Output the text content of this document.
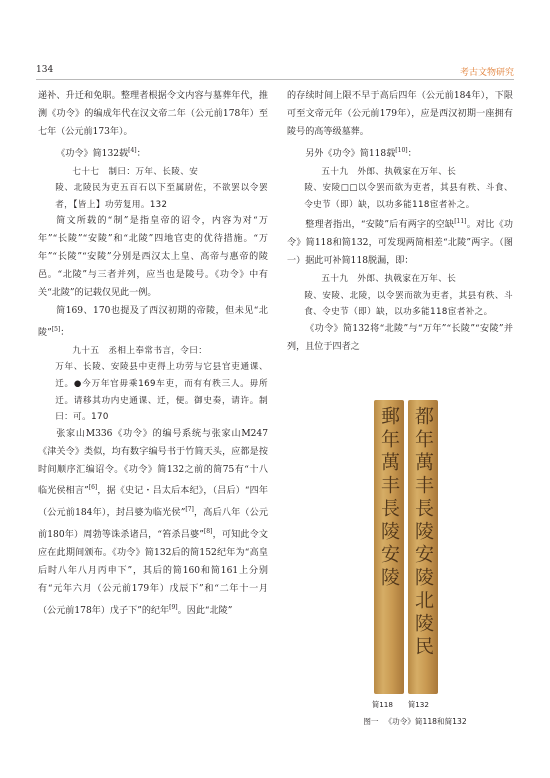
134	考古文物研究

递补、升迁和免职。整理者根据令文内容与墓葬年代，推测《功令》的编成年代在汉文帝二年（公元前178年）至七年（公元前173年）。

《功令》简132载[4]：

七十七　制曰：万年、长陵、安
陵、北陵民为吏五百石以下至属尉佐，不欲罢以令罢者，【皆上】功劳复用。132

简文所载的“制”是指皇帝的诏令，内容为对“万年”“长陵”“安陵”和“北陵”四地官吏的优待措施。“万年”“长陵”“安陵”分别是西汉太上皇、高帝与惠帝的陵邑。“北陵”与三者并列，应当也是陵号。《功令》中有关“北陵”的记载仅见此一例。

简169、170也提及了西汉初期的帝陵，但未见“北陵”[5]：

九十五　丞相上奉常书言，令曰：
万年、长陵、安陵县中吏得上功劳与它县官吏通课、迁。●今万年官毋乘169车吏，而有有秩三人。毋所迁。请移其功内史通课、迁，便。御史奏，请许。制曰：可。170

张家山M336《功令》的编号系统与张家山M247《津关令》类似，均有数字编号书于竹简天头，应都是按时间顺序汇编诏令。《功令》简132之前的简75有“十八　临光侯相言”[6]，据《史记・吕太后本纪》，（吕后）“四年（公元前184年），封吕婆为临光侯”[7]，高后八年（公元前180年）周勃等诛杀诸吕，“笞杀吕婆”[8]，可知此令文应在此期间颁布。《功令》简132后的简152纪年为“高皇后时八年八月丙申下”，其后的简160和简161上分别有“元年六月（公元前179年）戊辰下”和“二年十一月（公元前178年）戊子下”的纪年[9]。因此“北陵”

的存续时间上限不早于高后四年（公元前184年），下限可至文帝元年（公元前179年），应是西汉初期一座拥有陵号的高等级墓葬。

另外《功令》简118载[10]：

五十九　外郎、执戟家在万年、长
陵、安陵□□以令罢而欲为吏者，其县有秩、斗食、令史节（即）缺，以功多能118宦者补之。

整理者指出，“安陵”后有两字的空缺[11]。对比《功令》简118和简132，可发现两简相差“北陵”两字。（图一）据此可补简118脱漏，即：

五十九　外郎、执戟家在万年、长
陵、安陵、北陵，以令罢而欲为吏者，其县有秩、斗食、令史节（即）缺，以功多能118宦者补之。

《功令》简132将“北陵”与“万年”“长陵”“安陵”并列，且位于四者之

郵年萬丰長陵安陵 都年萬丰長陵安陵北陵民
简118 简132
图一 《功令》简118和简132
